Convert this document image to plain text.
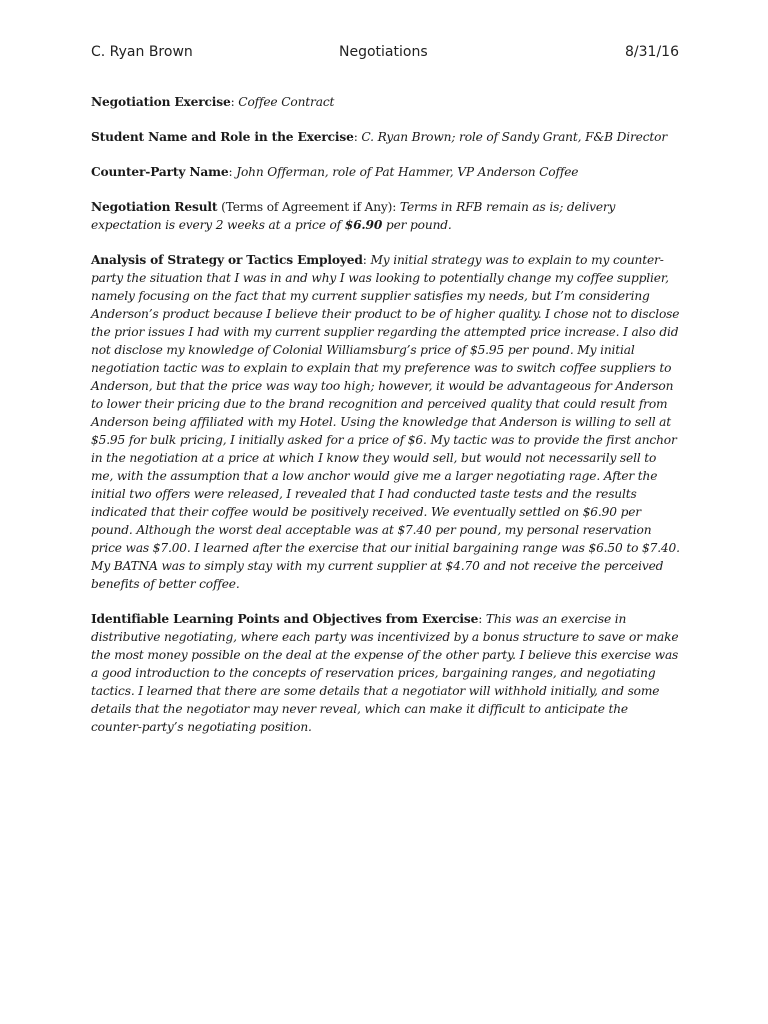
C. Ryan Brown	Negotiations	8/31/16

Negotiation Exercise: Coffee Contract

Student Name and Role in the Exercise: C. Ryan Brown; role of Sandy Grant, F&B Director

Counter-Party Name: John Offerman, role of Pat Hammer, VP Anderson Coffee

Negotiation Result (Terms of Agreement if Any): Terms in RFB remain as is; delivery expectation is every 2 weeks at a price of $6.90 per pound.

Analysis of Strategy or Tactics Employed: My initial strategy was to explain to my counter-party the situation that I was in and why I was looking to potentially change my coffee supplier, namely focusing on the fact that my current supplier satisfies my needs, but I’m considering Anderson’s product because I believe their product to be of higher quality. I chose not to disclose the prior issues I had with my current supplier regarding the attempted price increase. I also did not disclose my knowledge of Colonial Williamsburg’s price of $5.95 per pound. My initial negotiation tactic was to explain to explain that my preference was to switch coffee suppliers to Anderson, but that the price was way too high; however, it would be advantageous for Anderson to lower their pricing due to the brand recognition and perceived quality that could result from Anderson being affiliated with my Hotel. Using the knowledge that Anderson is willing to sell at $5.95 for bulk pricing, I initially asked for a price of $6. My tactic was to provide the first anchor in the negotiation at a price at which I know they would sell, but would not necessarily sell to me, with the assumption that a low anchor would give me a larger negotiating rage. After the initial two offers were released, I revealed that I had conducted taste tests and the results indicated that their coffee would be positively received. We eventually settled on $6.90 per pound. Although the worst deal acceptable was at $7.40 per pound, my personal reservation price was $7.00. I learned after the exercise that our initial bargaining range was $6.50 to $7.40. My BATNA was to simply stay with my current supplier at $4.70 and not receive the perceived benefits of better coffee.

Identifiable Learning Points and Objectives from Exercise: This was an exercise in distributive negotiating, where each party was incentivized by a bonus structure to save or make the most money possible on the deal at the expense of the other party. I believe this exercise was a good introduction to the concepts of reservation prices, bargaining ranges, and negotiating tactics. I learned that there are some details that a negotiator will withhold initially, and some details that the negotiator may never reveal, which can make it difficult to anticipate the counter-party’s negotiating position.
